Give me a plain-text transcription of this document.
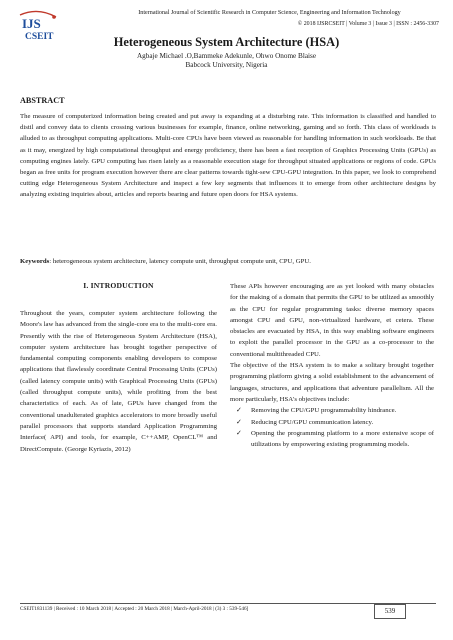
IJS
CSEIT
International Journal of Scientific Research in Computer Science, Engineering and Information Technology
© 2018 IJSRCSEIT | Volume 3 | Issue 3 | ISSN : 2456-3307
Heterogeneous System Architecture (HSA)
Agbaje Michael .O,Bammeke Adekunle, Ohwo Onome Blaise
Babcock University, Nigeria
ABSTRACT
The measure of computerized information being created and put away is expanding at a disturbing rate. This information is classified and handled to distil and convey data to clients crossing various businesses for example, finance, online networking, gaming and so forth. This class of workloads is alluded to as throughput computing applications. Multi-core CPUs have been viewed as reasonable for handling information in such workloads. Be that as it may, energized by high computational throughput and energy proficiency, there has been a fast reception of Graphics Processing Units (GPUs) as computing engines lately. GPU computing has risen lately as a reasonable execution stage for throughput situated applications or regions of code. GPUs began as free units for program execution however there are clear patterns towards tight-sew CPU-GPU integration. In this paper, we look to comprehend cutting edge Heterogeneous System Architecture and inspect a few key segments that influences it to emerge from other architecture designs by analyzing existing inquiries about, articles and reports bearing and future open doors for HSA systems.
Keywords: heterogeneous system architecture, latency compute unit, throughput compute unit, CPU, GPU.
I. INTRODUCTION

Throughout the years, computer system architecture following the Moore's law has advanced from the single-core era to the multi-core era. Presently with the rise of Heterogeneous System Architecture (HSA), computer system architecture has brought together perspective of fundamental computing components enabling developers to compose applications that flawlessly coordinate Central Processing Units (CPUs) (called latency compute units) with Graphical Processing Units (GPUs) (called throughput compute units), while profiting from the best characteristics of each. As of late, GPUs have changed from the conventional unadulterated graphics accelerators to more broadly useful parallel processors that supports standard Application Programming Interface( API) and tools, for example, C++AMP, OpenCL™ and DirectCompute. (George Kyriazis, 2012)

These APIs however encouraging are as yet looked with many obstacles for the making of a domain that permits the GPU to be utilized as smoothly as the CPU for regular programming tasks: diverse memory spaces amongst CPU and GPU, non-virtualized hardware, et cetera. These obstacles are evacuated by HSA, in this way enabling software engineers to exploit the parallel processor in the GPU as a co-processor to the conventional multithreaded CPU.

The objective of the HSA system is to make a solitary brought together programming platform giving a solid establishment to the advancement of languages, structures, and applications that adventure parallelism. All the more particularly, HSA's objectives include:

✓ Removing the CPU/GPU programmability hindrance.
✓ Reducing CPU/GPU communication latency.
✓ Opening the programming platform to a more extensive scope of utilizations by empowering existing programming models.
CSEIT1831139 | Received : 10 March 2018 | Accepted : 20 March 2018 | March-April-2018 | (3) 3 : 539-546]	539
